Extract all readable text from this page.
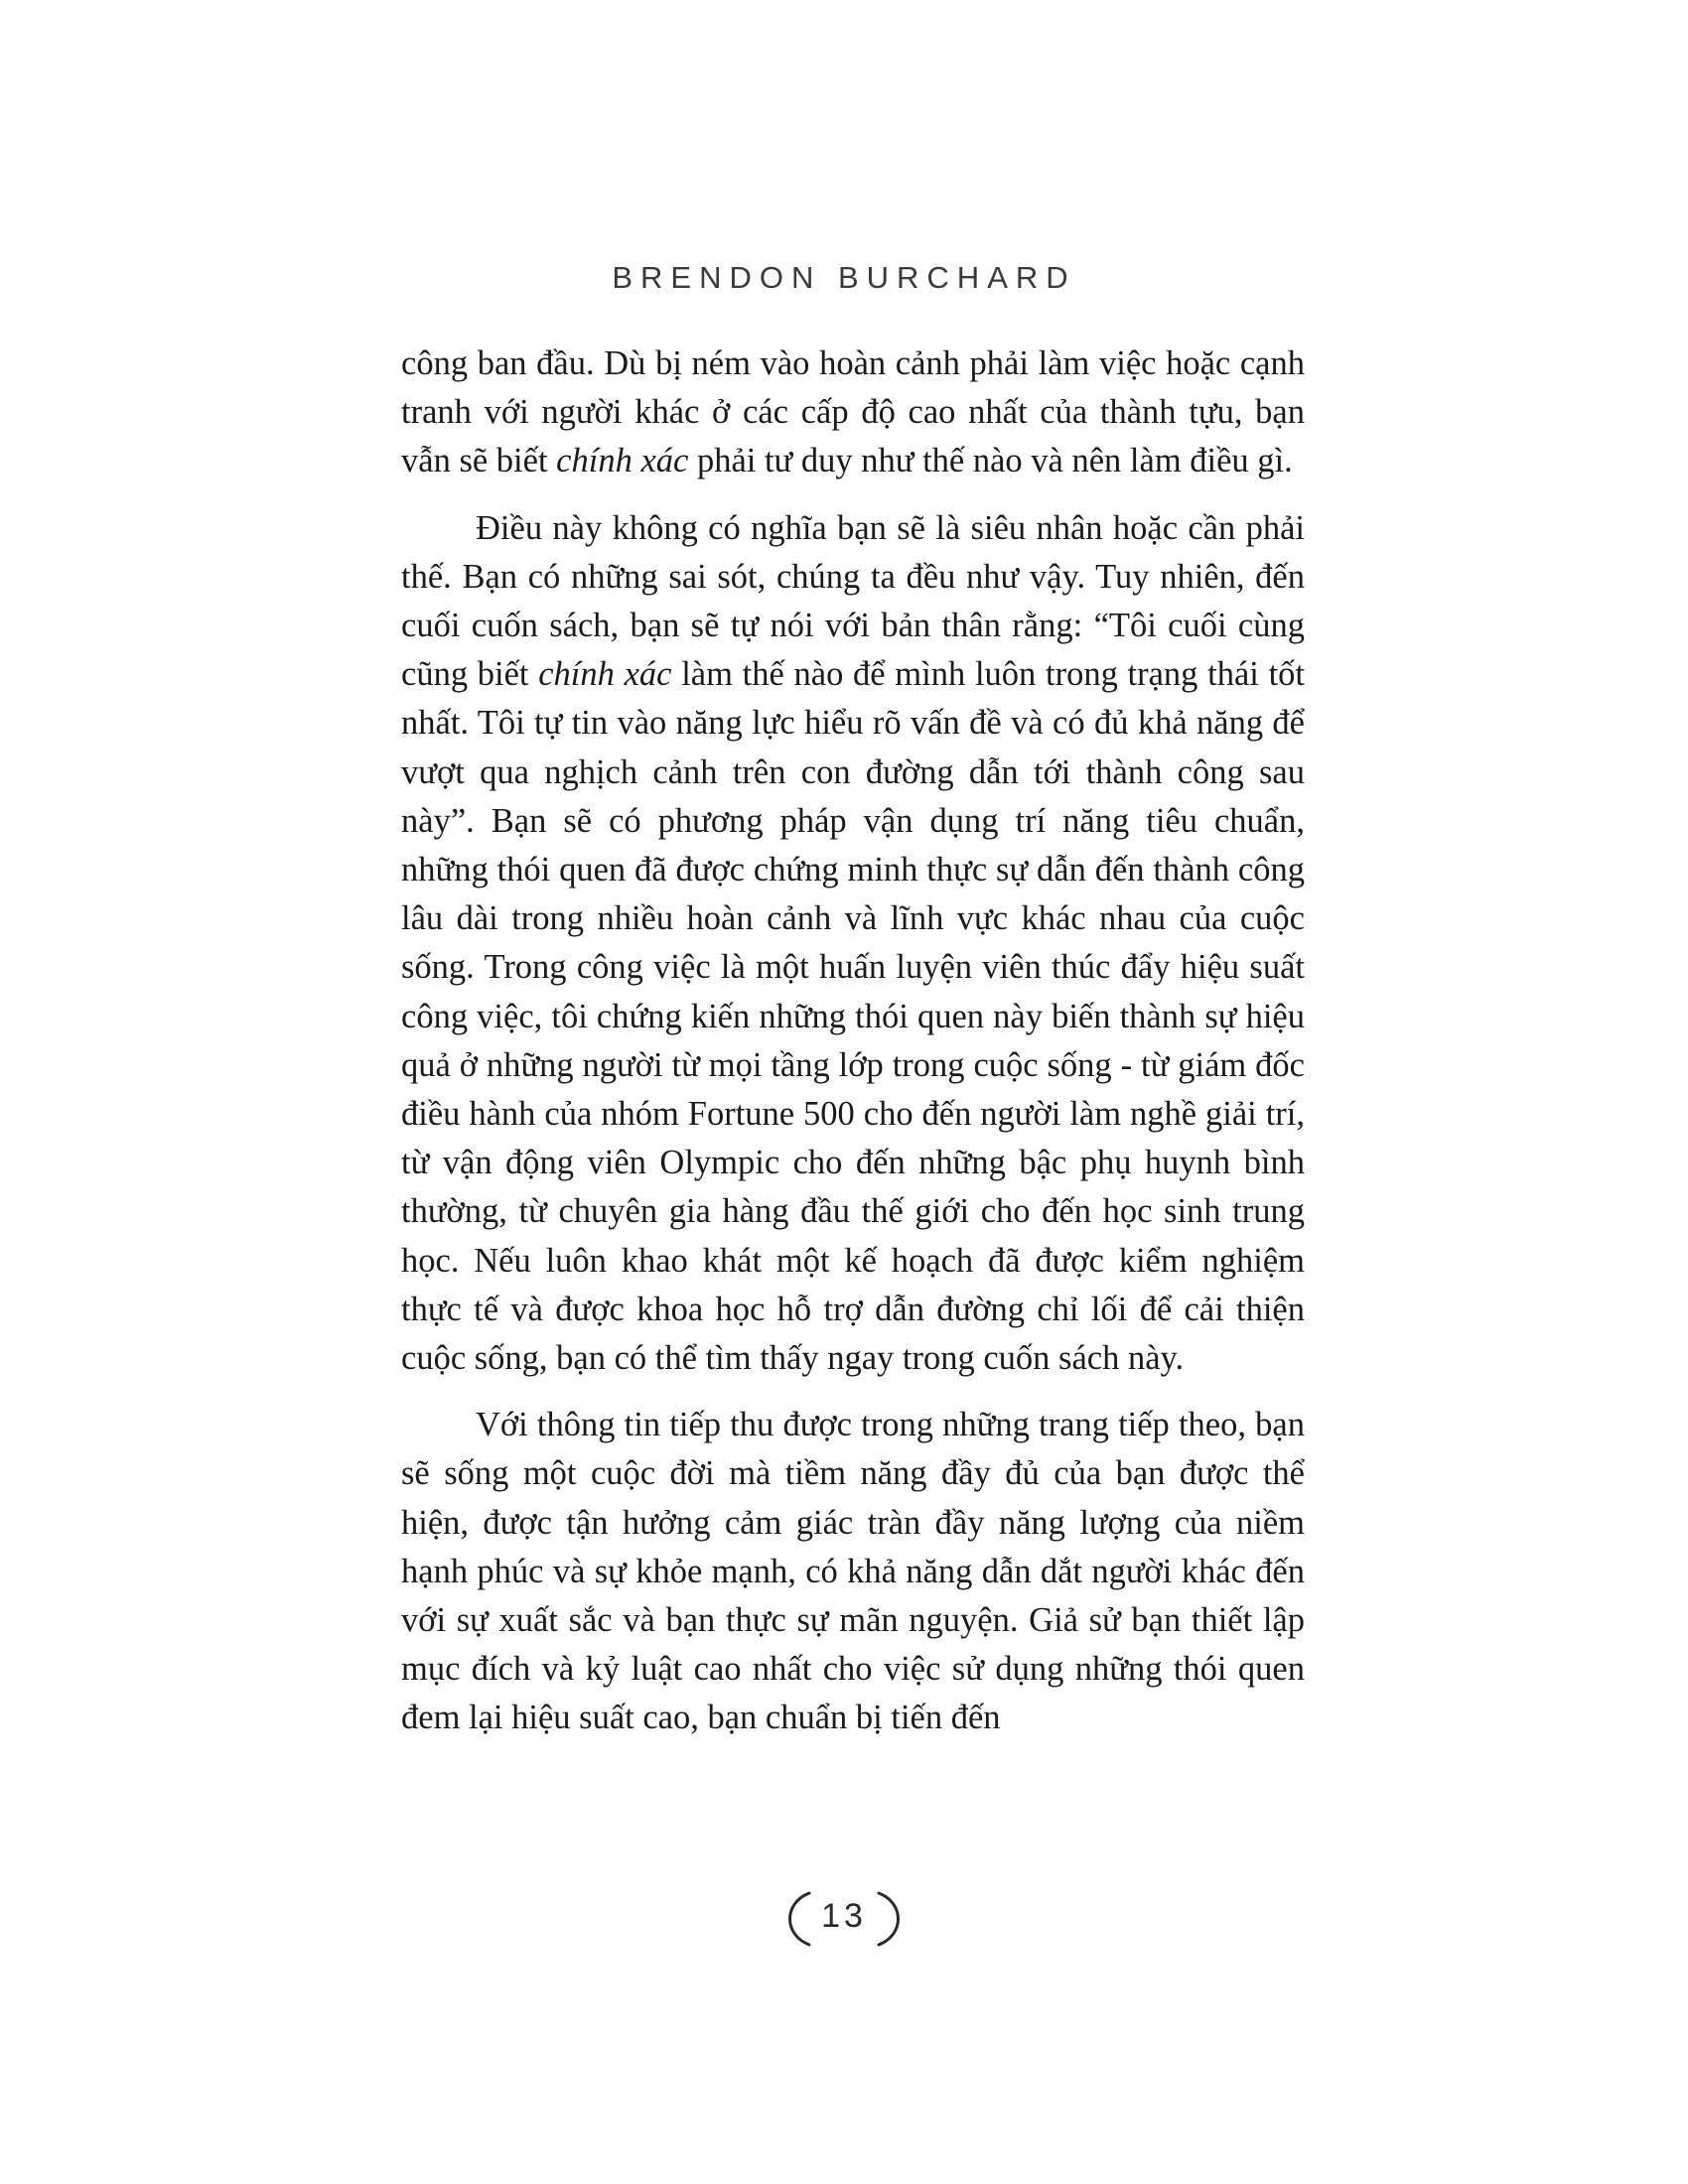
BRENDON BURCHARD

công ban đầu. Dù bị ném vào hoàn cảnh phải làm việc hoặc cạnh tranh với người khác ở các cấp độ cao nhất của thành tựu, bạn vẫn sẽ biết chính xác phải tư duy như thế nào và nên làm điều gì.

Điều này không có nghĩa bạn sẽ là siêu nhân hoặc cần phải thế. Bạn có những sai sót, chúng ta đều như vậy. Tuy nhiên, đến cuối cuốn sách, bạn sẽ tự nói với bản thân rằng: “Tôi cuối cùng cũng biết chính xác làm thế nào để mình luôn trong trạng thái tốt nhất. Tôi tự tin vào năng lực hiểu rõ vấn đề và có đủ khả năng để vượt qua nghịch cảnh trên con đường dẫn tới thành công sau này”. Bạn sẽ có phương pháp vận dụng trí năng tiêu chuẩn, những thói quen đã được chứng minh thực sự dẫn đến thành công lâu dài trong nhiều hoàn cảnh và lĩnh vực khác nhau của cuộc sống. Trong công việc là một huấn luyện viên thúc đẩy hiệu suất công việc, tôi chứng kiến những thói quen này biến thành sự hiệu quả ở những người từ mọi tầng lớp trong cuộc sống - từ giám đốc điều hành của nhóm Fortune 500 cho đến người làm nghề giải trí, từ vận động viên Olympic cho đến những bậc phụ huynh bình thường, từ chuyên gia hàng đầu thế giới cho đến học sinh trung học. Nếu luôn khao khát một kế hoạch đã được kiểm nghiệm thực tế và được khoa học hỗ trợ dẫn đường chỉ lối để cải thiện cuộc sống, bạn có thể tìm thấy ngay trong cuốn sách này.

Với thông tin tiếp thu được trong những trang tiếp theo, bạn sẽ sống một cuộc đời mà tiềm năng đầy đủ của bạn được thể hiện, được tận hưởng cảm giác tràn đầy năng lượng của niềm hạnh phúc và sự khỏe mạnh, có khả năng dẫn dắt người khác đến với sự xuất sắc và bạn thực sự mãn nguyện. Giả sử bạn thiết lập mục đích và kỷ luật cao nhất cho việc sử dụng những thói quen đem lại hiệu suất cao, bạn chuẩn bị tiến đến

13
